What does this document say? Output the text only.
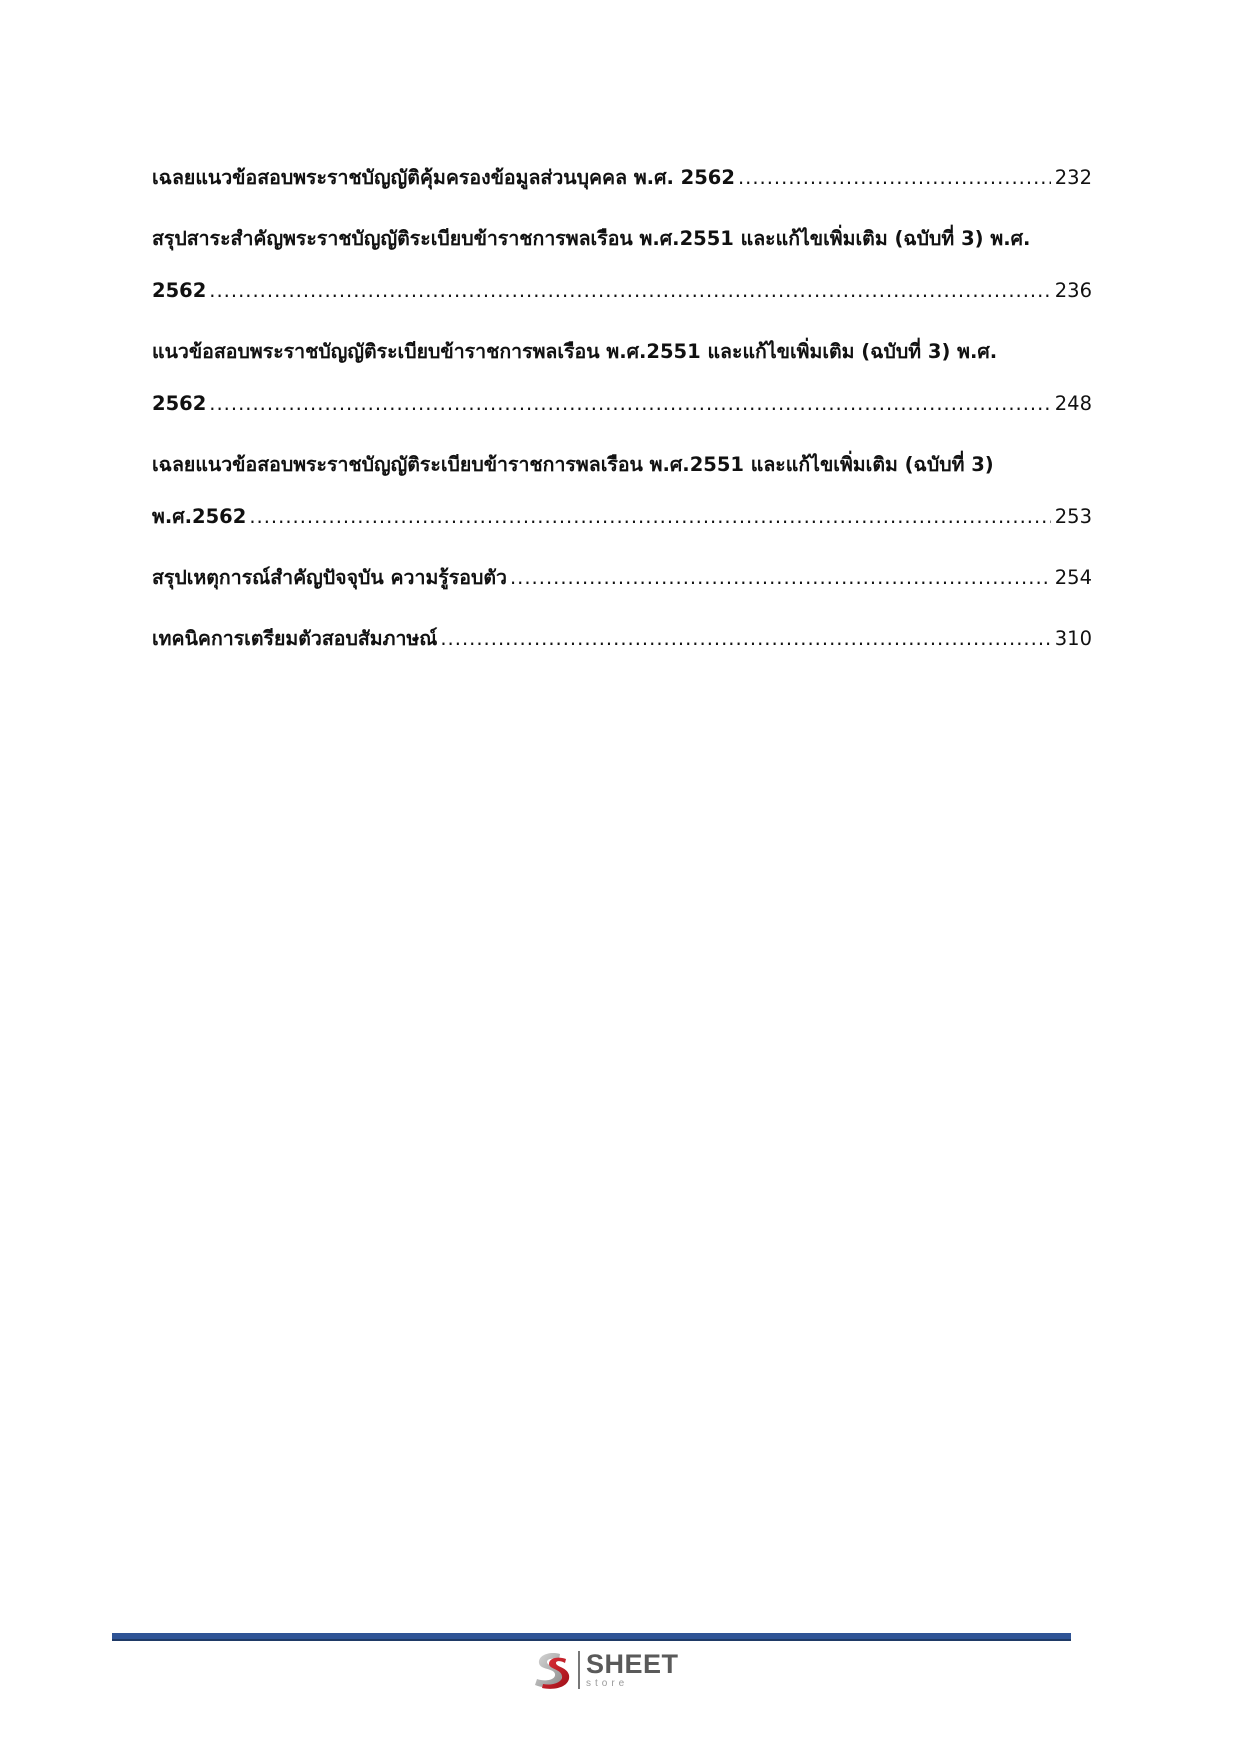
เฉลยแนวข้อสอบพระราชบัญญัติคุ้มครองข้อมูลส่วนบุคคล พ.ศ. 2562 .....	232
สรุปสาระสำคัญพระราชบัญญัติระเบียบข้าราชการพลเรือน พ.ศ.2551 และแก้ไขเพิ่มเติม (ฉบับที่ 3) พ.ศ.
2562 .....	236
แนวข้อสอบพระราชบัญญัติระเบียบข้าราชการพลเรือน พ.ศ.2551 และแก้ไขเพิ่มเติม (ฉบับที่ 3) พ.ศ.
2562 .....	248
เฉลยแนวข้อสอบพระราชบัญญัติระเบียบข้าราชการพลเรือน พ.ศ.2551 และแก้ไขเพิ่มเติม (ฉบับที่ 3)
พ.ศ.2562 .....	253
สรุปเหตุการณ์สำคัญปัจจุบัน ความรู้รอบตัว .....	254
เทคนิคการเตรียมตัวสอบสัมภาษณ์ .....	310
SHEET
store
